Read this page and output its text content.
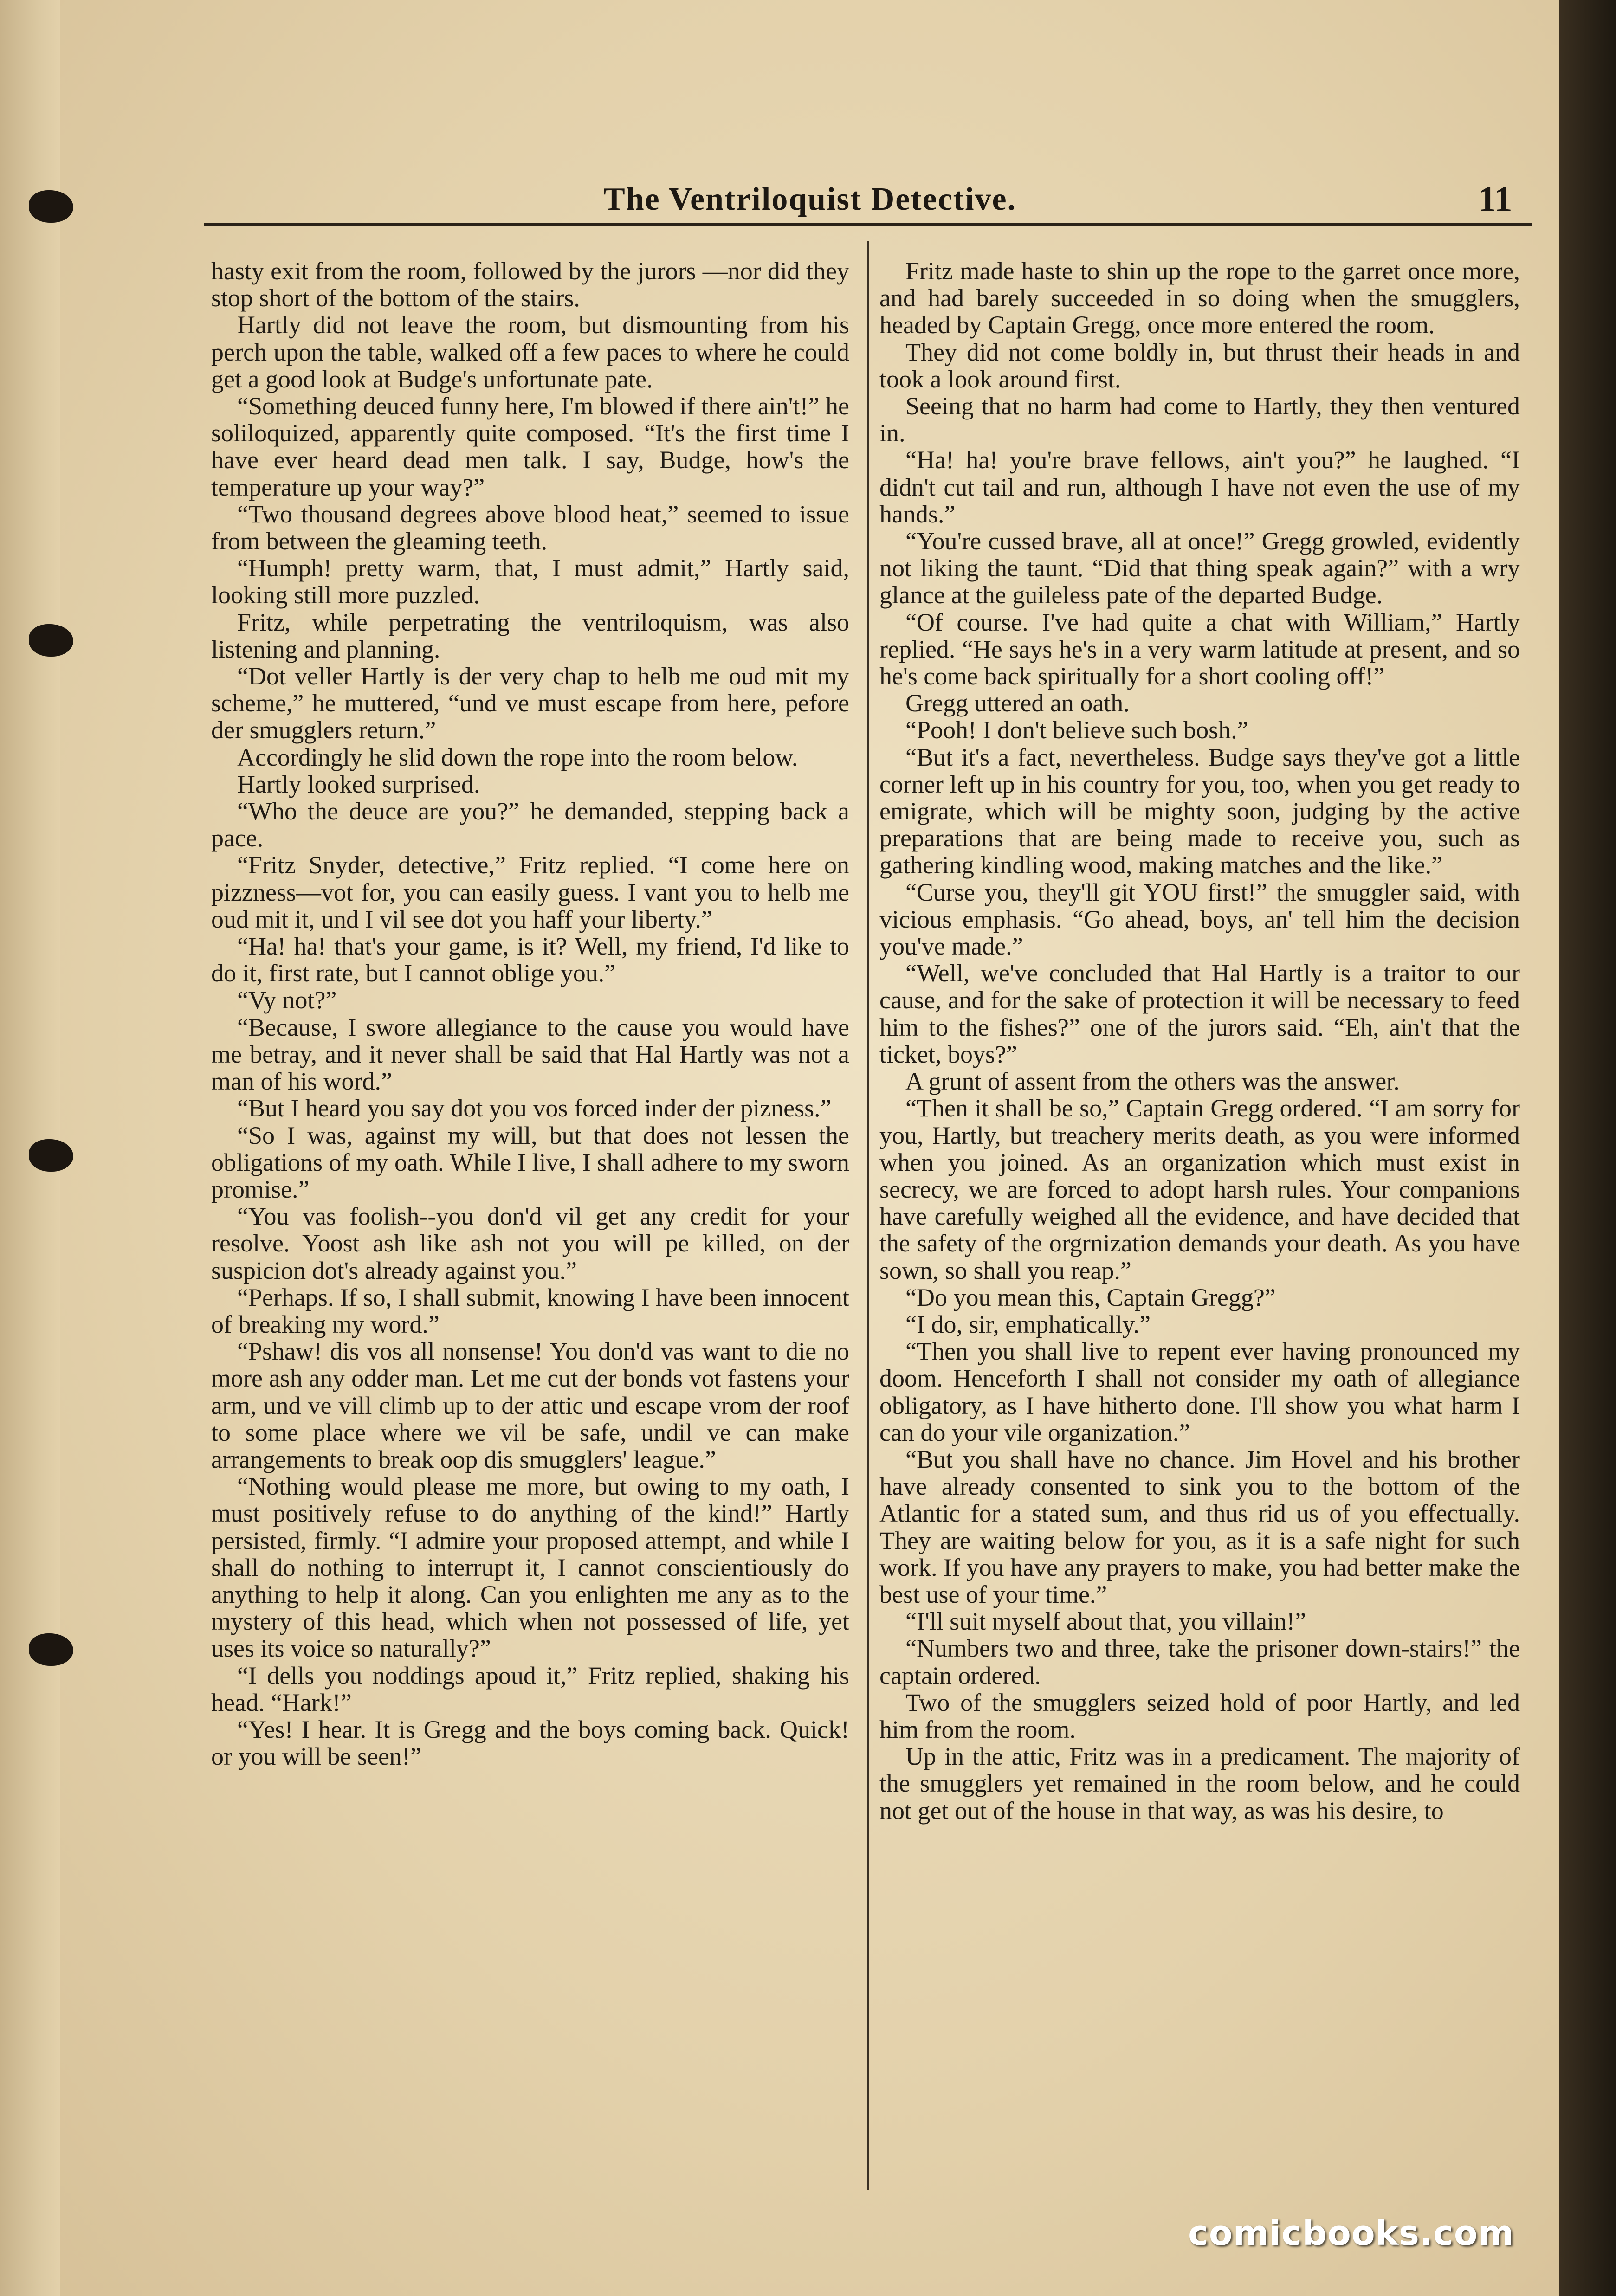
The Ventriloquist Detective.	11

hasty exit from the room, followed by the jurors —nor did they stop short of the bottom of the stairs.

Hartly did not leave the room, but dismounting from his perch upon the table, walked off a few paces to where he could get a good look at Budge's unfortunate pate.

“Something deuced funny here, I'm blowed if there ain't!” he soliloquized, apparently quite composed. “It's the first time I have ever heard dead men talk. I say, Budge, how's the temperature up your way?”

“Two thousand degrees above blood heat,” seemed to issue from between the gleaming teeth.

“Humph! pretty warm, that, I must admit,” Hartly said, looking still more puzzled.

Fritz, while perpetrating the ventriloquism, was also listening and planning.

“Dot veller Hartly is der very chap to helb me oud mit my scheme,” he muttered, “und ve must escape from here, pefore der smugglers return.”

Accordingly he slid down the rope into the room below.

Hartly looked surprised.

“Who the deuce are you?” he demanded, stepping back a pace.

“Fritz Snyder, detective,” Fritz replied. “I come here on pizzness—vot for, you can easily guess. I vant you to helb me oud mit it, und I vil see dot you haff your liberty.”

“Ha! ha! that's your game, is it? Well, my friend, I'd like to do it, first rate, but I cannot oblige you.”

“Vy not?”

“Because, I swore allegiance to the cause you would have me betray, and it never shall be said that Hal Hartly was not a man of his word.”

“But I heard you say dot you vos forced inder der pizness.”

“So I was, against my will, but that does not lessen the obligations of my oath. While I live, I shall adhere to my sworn promise.”

“You vas foolish--you don'd vil get any credit for your resolve. Yoost ash like ash not you will pe killed, on der suspicion dot's already against you.”

“Perhaps. If so, I shall submit, knowing I have been innocent of breaking my word.”

“Pshaw! dis vos all nonsense! You don'd vas want to die no more ash any odder man. Let me cut der bonds vot fastens your arm, und ve vill climb up to der attic und escape vrom der roof to some place where we vil be safe, undil ve can make arrangements to break oop dis smugglers' league.”

“Nothing would please me more, but owing to my oath, I must positively refuse to do anything of the kind!” Hartly persisted, firmly. “I admire your proposed attempt, and while I shall do nothing to interrupt it, I cannot conscientiously do anything to help it along. Can you enlighten me any as to the mystery of this head, which when not possessed of life, yet uses its voice so naturally?”

“I dells you noddings apoud it,” Fritz replied, shaking his head. “Hark!”

“Yes! I hear. It is Gregg and the boys coming back. Quick! or you will be seen!”

Fritz made haste to shin up the rope to the garret once more, and had barely succeeded in so doing when the smugglers, headed by Captain Gregg, once more entered the room.

They did not come boldly in, but thrust their heads in and took a look around first.

Seeing that no harm had come to Hartly, they then ventured in.

“Ha! ha! you're brave fellows, ain't you?” he laughed. “I didn't cut tail and run, although I have not even the use of my hands.”

“You're cussed brave, all at once!” Gregg growled, evidently not liking the taunt. “Did that thing speak again?” with a wry glance at the guileless pate of the departed Budge.

“Of course. I've had quite a chat with William,” Hartly replied. “He says he's in a very warm latitude at present, and so he's come back spiritually for a short cooling off!”

Gregg uttered an oath.

“Pooh! I don't believe such bosh.”

“But it's a fact, nevertheless. Budge says they've got a little corner left up in his country for you, too, when you get ready to emigrate, which will be mighty soon, judging by the active preparations that are being made to receive you, such as gathering kindling wood, making matches and the like.”

“Curse you, they'll git YOU first!” the smuggler said, with vicious emphasis. “Go ahead, boys, an' tell him the decision you've made.”

“Well, we've concluded that Hal Hartly is a traitor to our cause, and for the sake of protection it will be necessary to feed him to the fishes?” one of the jurors said. “Eh, ain't that the ticket, boys?”

A grunt of assent from the others was the answer.

“Then it shall be so,” Captain Gregg ordered. “I am sorry for you, Hartly, but treachery merits death, as you were informed when you joined. As an organization which must exist in secrecy, we are forced to adopt harsh rules. Your companions have carefully weighed all the evidence, and have decided that the safety of the orgrnization demands your death. As you have sown, so shall you reap.”

“Do you mean this, Captain Gregg?”

“I do, sir, emphatically.”

“Then you shall live to repent ever having pronounced my doom. Henceforth I shall not consider my oath of allegiance obligatory, as I have hitherto done. I'll show you what harm I can do your vile organization.”

“But you shall have no chance. Jim Hovel and his brother have already consented to sink you to the bottom of the Atlantic for a stated sum, and thus rid us of you effectually. They are waiting below for you, as it is a safe night for such work. If you have any prayers to make, you had better make the best use of your time.”

“I'll suit myself about that, you villain!”

“Numbers two and three, take the prisoner down-stairs!” the captain ordered.

Two of the smugglers seized hold of poor Hartly, and led him from the room.

Up in the attic, Fritz was in a predicament. The majority of the smugglers yet remained in the room below, and he could not get out of the house in that way, as was his desire, to

comicbooks.com
